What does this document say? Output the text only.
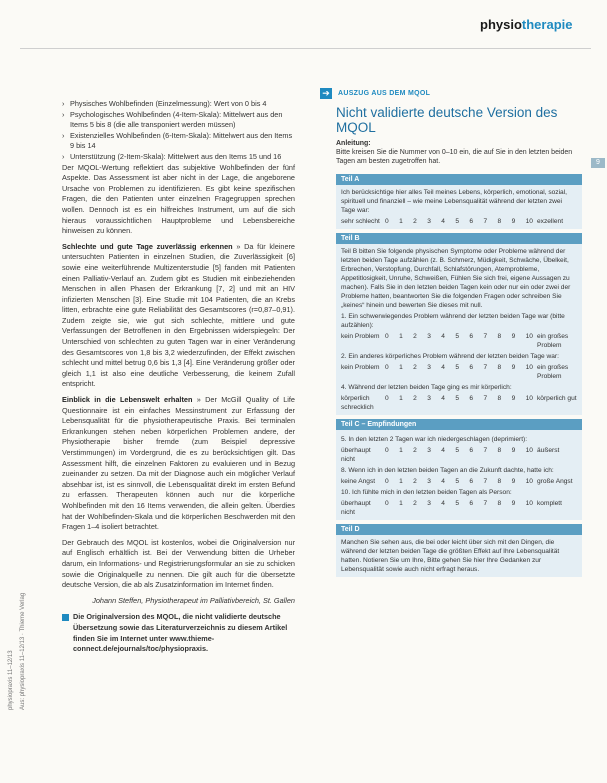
physiotherapie
9
physiopraxis 11–12/13 Aus: physiopraxis 11–12/13 · Thieme Verlag
› Physisches Wohlbefinden (Einzelmessung): Wert von 0 bis 4
› Psychologisches Wohlbefinden (4-Item-Skala): Mittelwert aus den Items 5 bis 8 (die alle transponiert werden müssen)
› Existenzielles Wohlbefinden (6-Item-Skala): Mittelwert aus den Items 9 bis 14
› Unterstützung (2-Item-Skala): Mittelwert aus den Items 15 und 16

Der MQOL-Wertung reflektiert das subjektive Wohlbefinden der fünf Aspekte. Das Assessment ist aber nicht in der Lage, die angeborene Ursache von Problemen zu identifizieren. Es gibt keine spezifischen Fragen, die den Patienten unter einzelnen Fragegruppen sprechen wollen. Dennoch ist es ein hilfreiches Instrument, um auf die sich hieraus voraussichtlichen Hauptprobleme und Lebensbereiche hinweisen zu können.

Schlechte und gute Tage zuverlässig erkennen » Da für kleinere untersuchten Patienten in einzelnen Studien, die Zuverlässigkeit [6] sowie eine weiterführende Multizenterstudie [5] fanden mit Patienten einen Palliativ-Verlauf an. Zudem gibt es Studien mit einbeziehenden Menschen in allen Phasen der Erkrankung [7, 2] und mit an HIV infizierten Menschen [3]. Eine Studie mit 104 Patienten, die an Krebs litten, erbrachte eine gute Reliabilität des Gesamtscores (r=0,87–0,91). Zudem zeigte sie, wie gut sich schlechte, mittlere und gute Verfassungen der Betroffenen in den Ergebnissen widerspiegeln: Der Unterschied von schlechten zu guten Tagen war in einer Veränderung des Gesamtscores von 1,8 bis 3,2 wiederzufinden, der Effekt zwischen schlecht und mittel betrug 0,6 bis 1,3 [4]. Eine Veränderung größer oder gleich 1,1 ist also eine deutliche Verbesserung, die keinem Zufall entspricht.

Einblick in die Lebenswelt erhalten » Der McGill Quality of Life Questionnaire ist ein einfaches Messinstrument zur Erfassung der Lebensqualität für die physiotherapeutische Praxis. Bei terminalen Erkrankungen stehen neben körperlichen Problemen andere, der Physiotherapie bisher fremde (zum Beispiel depressive Verstimmungen) im Vordergrund, die es zu berücksichtigen gilt. Das Assessment hilft, die einzelnen Faktoren zu evaluieren und in Bezug zueinander zu setzen. Da mit der Diagnose auch ein möglicher Verlauf absehbar ist, ist es sinnvoll, die Lebensqualität direkt im ersten Befund zu erfassen. Therapeuten können auch nur die körperliche Wohlbefinden mit den 16 Items verwenden, die allein gelten. Überdies hat der Wohlbefinden-Skala und die körperlichen Beschwerden mit den Fragen 1–4 isoliert betrachtet.

Der Gebrauch des MQOL ist kostenlos, wobei die Originalversion nur auf Englisch erhältlich ist. Bei der Verwendung bitten die Urheber darum, ein Informations- und Registrierungsformular an sie zu schicken sowie die Originalquelle zu nennen. Die gilt auch für die übersetzte deutsche Version, die ab als Zusatzinformation im Internet finden.

Johann Steffen, Physiotherapeut im Palliativbereich, St. Gallen
Die Originalversion des MQOL, die nicht validierte deutsche Übersetzung sowie das Literaturverzeichnis zu diesem Artikel finden Sie im Internet unter www.thieme-connect.de/ejournals/toc/physiopraxis.
➔	AUSZUG AUS DEM MQOL
Nicht validierte deutsche Version des MQOL
Anleitung:
Bitte kreisen Sie die Nummer von 0–10 ein, die auf Sie in den letzten beiden Tagen am besten zugetroffen hat.
Teil A
Ich berücksichtige hier alles Teil meines Lebens, körperlich, emotional, sozial, spirituell und finanziell – wie meine Lebensqualität während der letzten zwei Tage war:
sehr schlecht 0 1 2 3 4 5 6 7 8 9 10 exzellent
Teil B
Teil B bitten Sie folgende physischen Symptome oder Probleme während der letzten beiden Tage aufzählen (z. B. Schmerz, Müdigkeit, Schwäche, Übelkeit, Erbrechen, Verstopfung, Durchfall, Schlafstörungen, Atemprobleme, Appetitlosigkeit, Unruhe, Schweißen, Fühlen Sie sich frei, eigene Aussagen zu machen). Falls Sie in den letzten beiden Tagen kein oder nur ein oder zwei der Probleme hatten, beantworten Sie die folgenden Fragen oder schreiben Sie „keines“ hinein und bewerten Sie dieses mit null.
1. Ein schwerwiegendes Problem während der letzten beiden Tage war (bitte aufzählen):
kein Problem 0 1 2 3 4 5 6 7 8 9 10 ein großes Problem
2. Ein anderes körperliches Problem während der letzten beiden Tage war:
kein Problem 0 1 2 3 4 5 6 7 8 9 10 ein großes Problem
4. Während der letzten beiden Tage ging es mir körperlich:
körperlich schrecklich
0 1 2 3 4 5 6 7 8 9 10 körperlich gut
Teil C – Empfindungen
5. In den letzten 2 Tagen war ich niedergeschlagen (deprimiert):
überhaupt nicht
0 1 2 3 4 5 6 7 8 9 10 äußerst
8. Wenn ich in den letzten beiden Tagen an die Zukunft dachte, hatte ich:
keine Angst	0 1 2 3 4 5 6 7 8 9 10 große Angst
10. Ich fühlte mich in den letzten beiden Tagen als Person:
überhaupt nicht
0 1 2 3 4 5 6 7 8 9 10 komplett
Teil D
Manchen Sie sehen aus, die bei oder leicht über sich mit den Dingen, die während der letzten beiden Tage die größten Effekt auf Ihre Lebensqualität hatten. Notieren Sie um Ihre, Bitte gehen Sie hier Ihre Gedanken zur Lebensqualität sowie auch nicht erfragt heraus.
